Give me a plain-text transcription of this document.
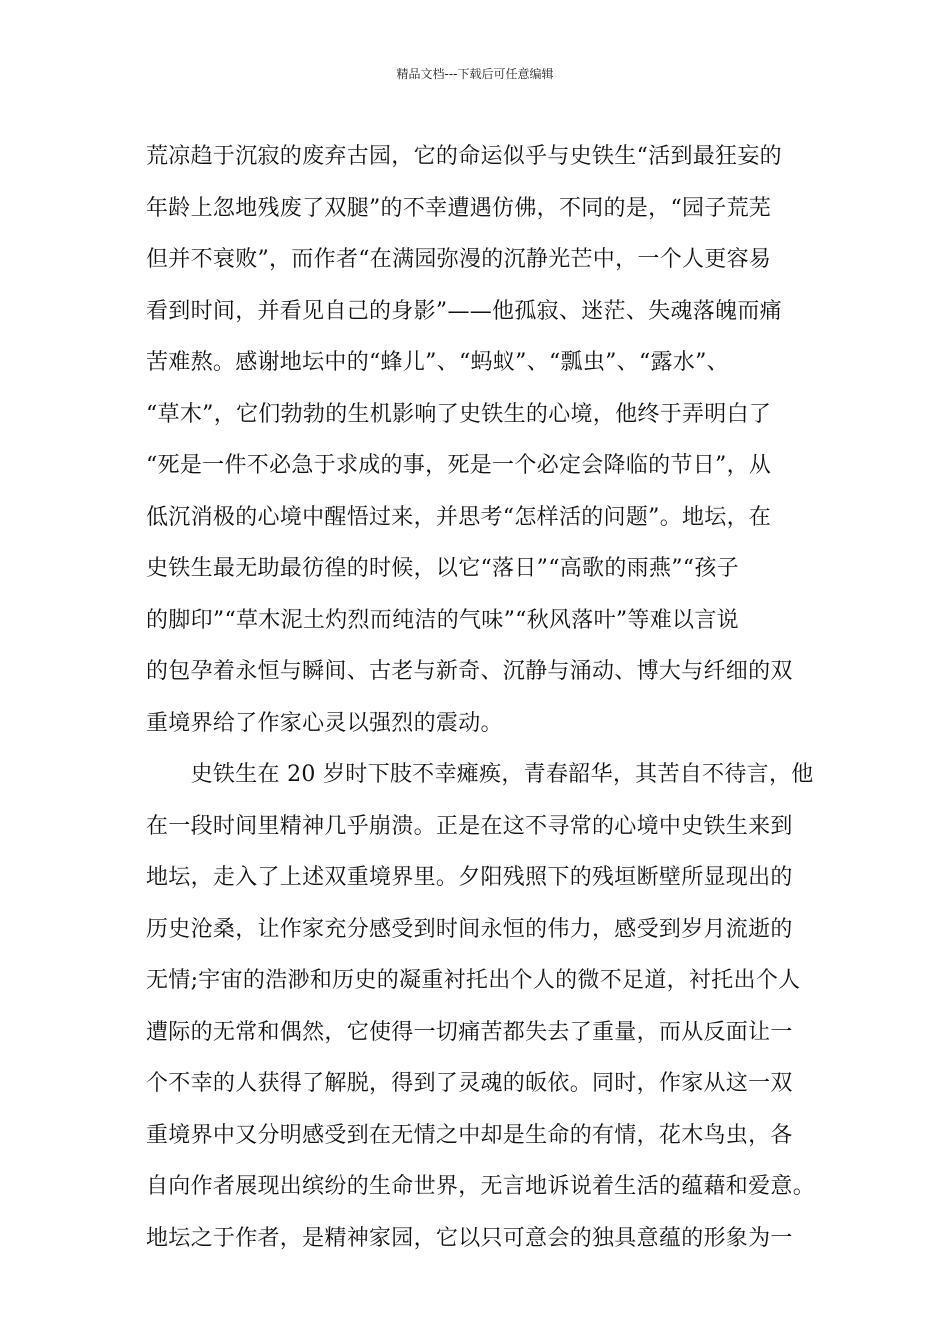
精品文档---下载后可任意编辑
荒凉趋于沉寂的废弃古园，它的命运似乎与史铁生“活到最狂妄的
年龄上忽地残废了双腿”的不幸遭遇仿佛，不同的是，“园子荒芜
但并不衰败”，而作者“在满园弥漫的沉静光芒中，一个人更容易
看到时间，并看见自己的身影”——他孤寂、迷茫、失魂落魄而痛
苦难熬。感谢地坛中的“蜂儿”、“蚂蚁”、“瓢虫”、“露水”、
“草木”，它们勃勃的生机影响了史铁生的心境，他终于弄明白了
“死是一件不必急于求成的事，死是一个必定会降临的节日”，从
低沉消极的心境中醒悟过来，并思考“怎样活的问题”。地坛，在
史铁生最无助最彷徨的时候，以它“落日”“高歌的雨燕”“孩子
的脚印”“草木泥土灼烈而纯洁的气味”“秋风落叶”等难以言说
的包孕着永恒与瞬间、古老与新奇、沉静与涌动、博大与纤细的双
重境界给了作家心灵以强烈的震动。
　　史铁生在 20 岁时下肢不幸瘫痪，青春韶华，其苦自不待言，他
在一段时间里精神几乎崩溃。正是在这不寻常的心境中史铁生来到
地坛，走入了上述双重境界里。夕阳残照下的残垣断壁所显现出的
历史沧桑，让作家充分感受到时间永恒的伟力，感受到岁月流逝的
无情;宇宙的浩渺和历史的凝重衬托出个人的微不足道，衬托出个人
遭际的无常和偶然，它使得一切痛苦都失去了重量，而从反面让一
个不幸的人获得了解脱，得到了灵魂的皈依。同时，作家从这一双
重境界中又分明感受到在无情之中却是生命的有情，花木鸟虫，各
自向作者展现出缤纷的生命世界，无言地诉说着生活的蕴藉和爱意。
地坛之于作者，是精神家园，它以只可意会的独具意蕴的形象为一
